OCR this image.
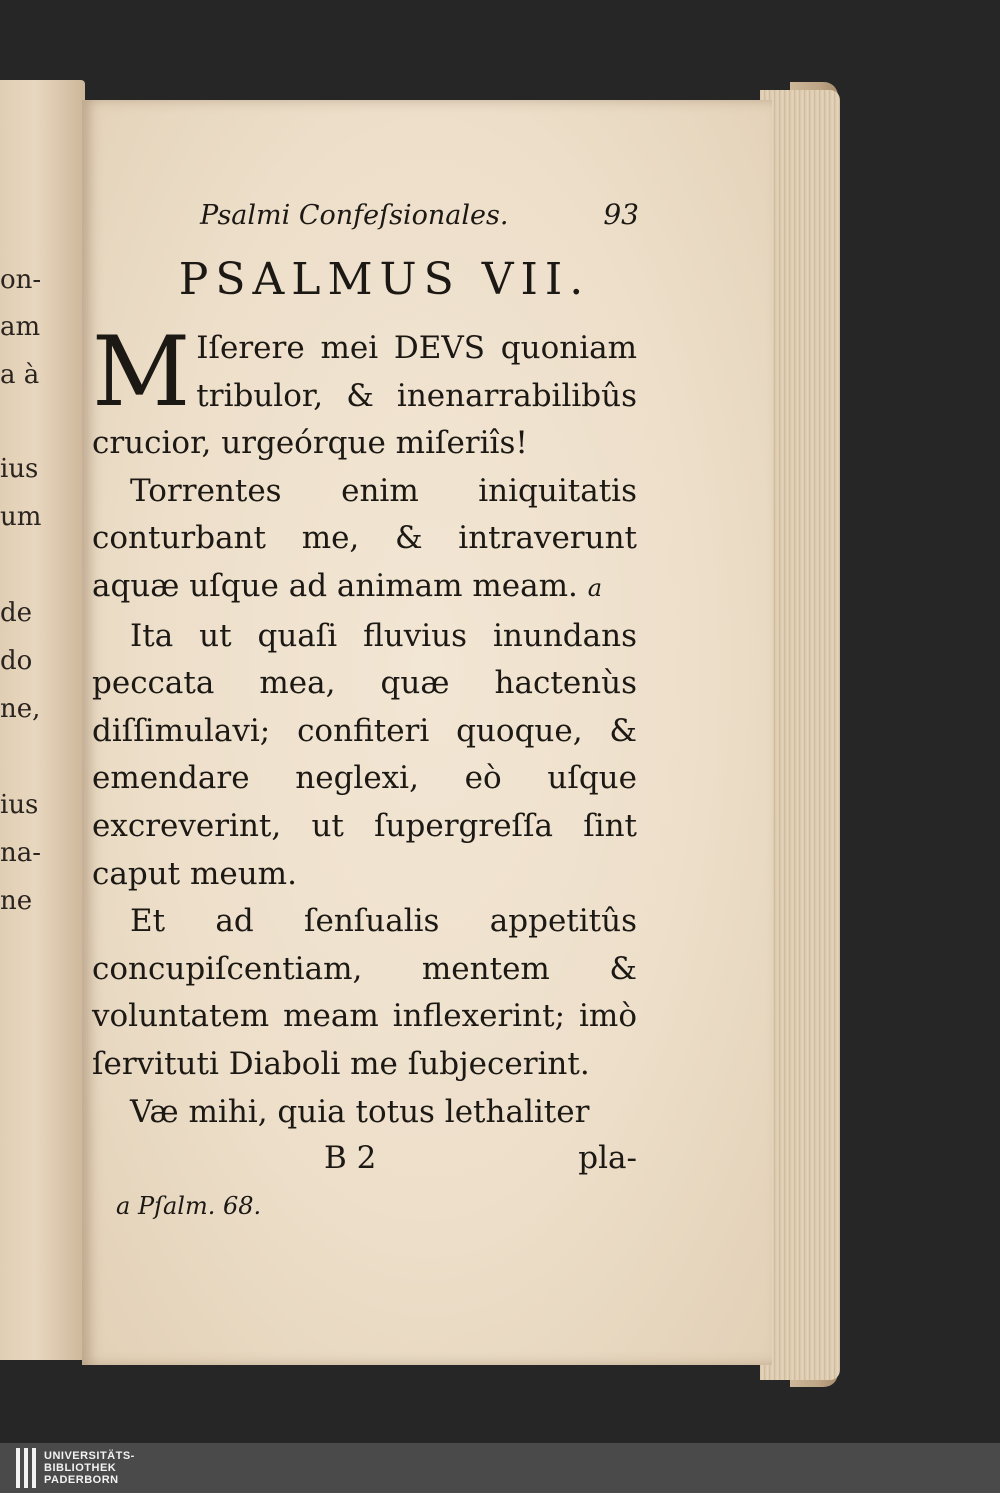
on-
am
a à
ius
um
de
do
ne,
ius
na-
ne
Psalmi Confeſsionales.	93
PSALMUS VII.

M Iſerere mei DEVS quoniam tribulor, & inenarrabilibûs crucior, urgeórque miſeriîs!

Torrentes enim iniquitatis conturbant me, & intraverunt aquæ uſque ad animam meam. a

Ita ut quaſi fluvius inundans peccata mea, quæ hactenùs diſſimulavi; confiteri quoque, & emendare neglexi, eò uſque excreverint, ut ſupergreſſa ſint caput meum.

Et ad ſenſualis appetitûs concupiſcentiam, mentem & voluntatem meam inflexerint; imò ſervituti Diaboli me ſubjecerint.

Væ mihi, quia totus lethaliter

B 2	pla-
a Pſalm. 68.
UNIVERSITÄTS-
BIBLIOTHEK
PADERBORN
